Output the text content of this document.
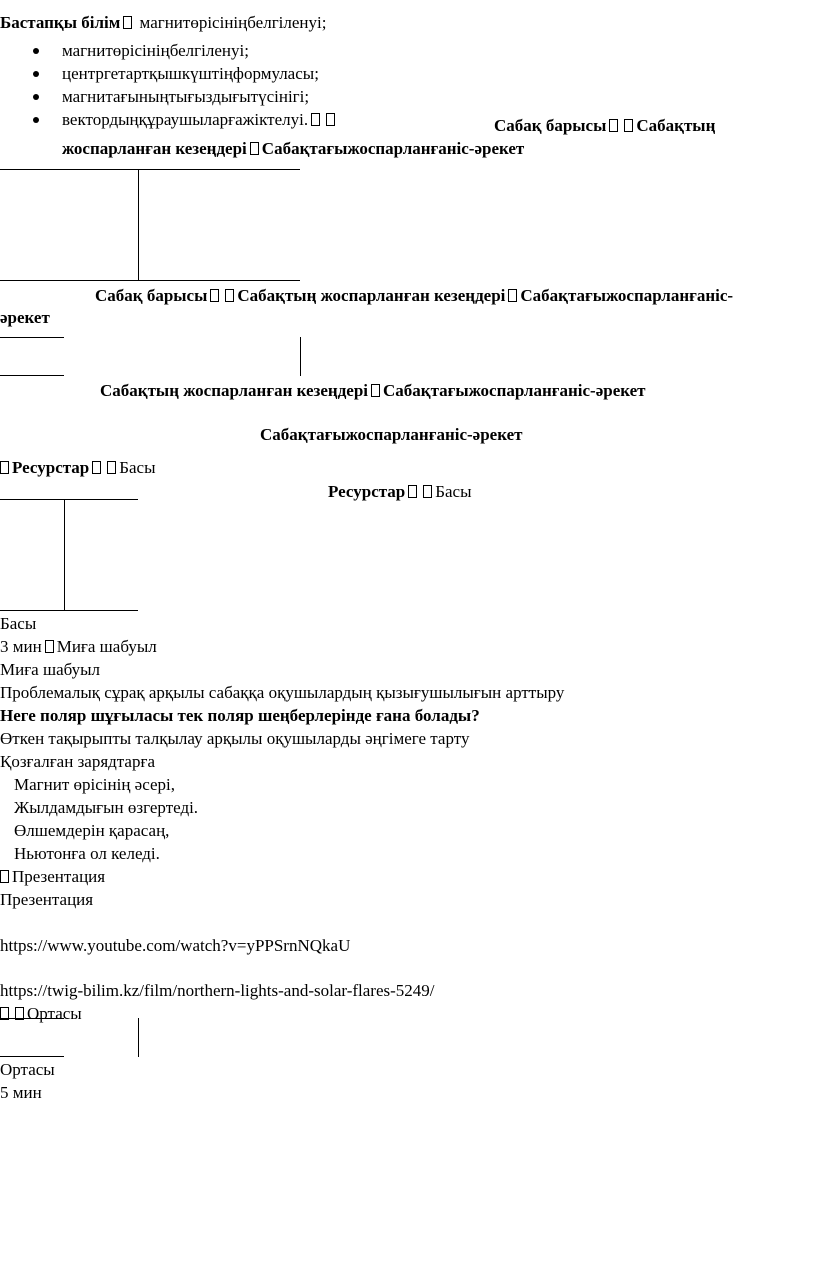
Бастапқы білім магнитөрісініңбелгіленуі;
магнитөрісініңбелгіленуі;
центргетартқышкүштіңформуласы;
магнитағыныңтығыздығытүсінігі;
вектордыңқұраушыларғажіктелуі.	Сабақ барысы Сабақтың
жоспарланған кезеңдері Сабақтағыжоспарланғаніс-әрекет
Сабақ барысы Сабақтың жоспарланған кезеңдері Сабақтағыжоспарланғаніс-
әрекет
Сабақтың жоспарланған кезеңдері Сабақтағыжоспарланғаніс-әрекет
Сабақтағыжоспарланғаніс-әрекет
Ресурстар Басы
Ресурстар Басы
Басы
3 мин Миға шабуыл
Миға шабуыл
Проблемалық сұрақ арқылы сабаққа оқушылардың қызығушылығын арттыру
Неге поляр шұғыласы тек поляр шеңберлерінде ғана болады?
Өткен тақырыпты талқылау арқылы оқушыларды әңгімеге тарту
Қозғалған зарядтарға
Магнит өрісінің әсері,
Жылдамдығын өзгертеді.
Өлшемдерін қарасаң,
Ньютонға ол келеді.
Презентация
Презентация
https://www.youtube.com/watch?v=yPPSrnNQkaU
https://twig-bilim.kz/film/northern-lights-and-solar-flares-5249/
Ортасы
Ортасы
5 мин
